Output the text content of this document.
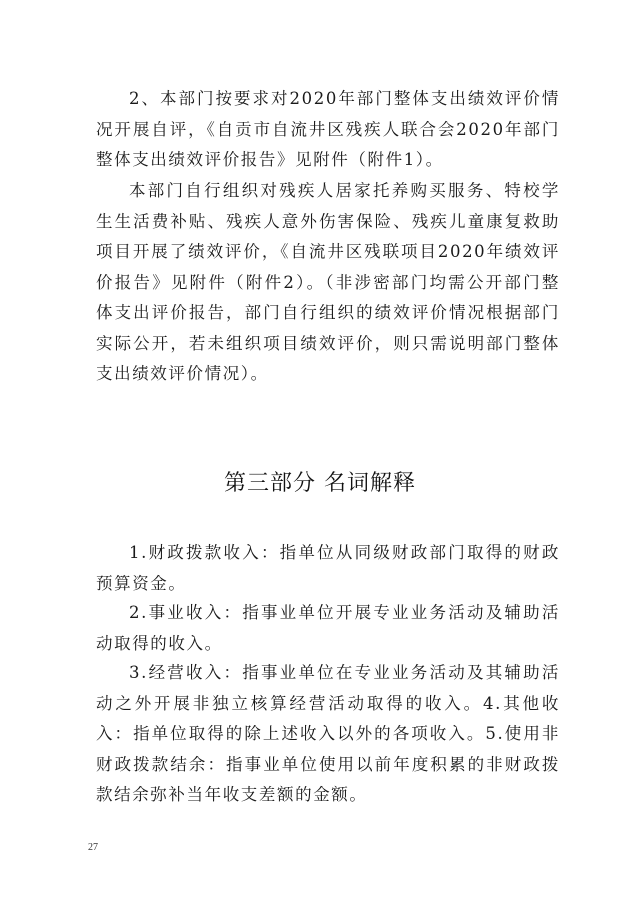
2、本部门按要求对2020年部门整体支出绩效评价情况开展自评，《自贡市自流井区残疾人联合会2020年部门整体支出绩效评价报告》见附件（附件1）。

本部门自行组织对残疾人居家托养购买服务、特校学生生活费补贴、残疾人意外伤害保险、残疾儿童康复救助项目开展了绩效评价，《自流井区残联项目2020年绩效评价报告》见附件（附件2）。（非涉密部门均需公开部门整体支出评价报告，部门自行组织的绩效评价情况根据部门实际公开，若未组织项目绩效评价，则只需说明部门整体支出绩效评价情况）。

第三部分 名词解释

1.财政拨款收入：指单位从同级财政部门取得的财政预算资金。

2.事业收入：指事业单位开展专业业务活动及辅助活动取得的收入。

3.经营收入：指事业单位在专业业务活动及其辅助活动之外开展非独立核算经营活动取得的收入。4.其他收入：指单位取得的除上述收入以外的各项收入。5.使用非财政拨款结余：指事业单位使用以前年度积累的非财政拨款结余弥补当年收支差额的金额。

27
